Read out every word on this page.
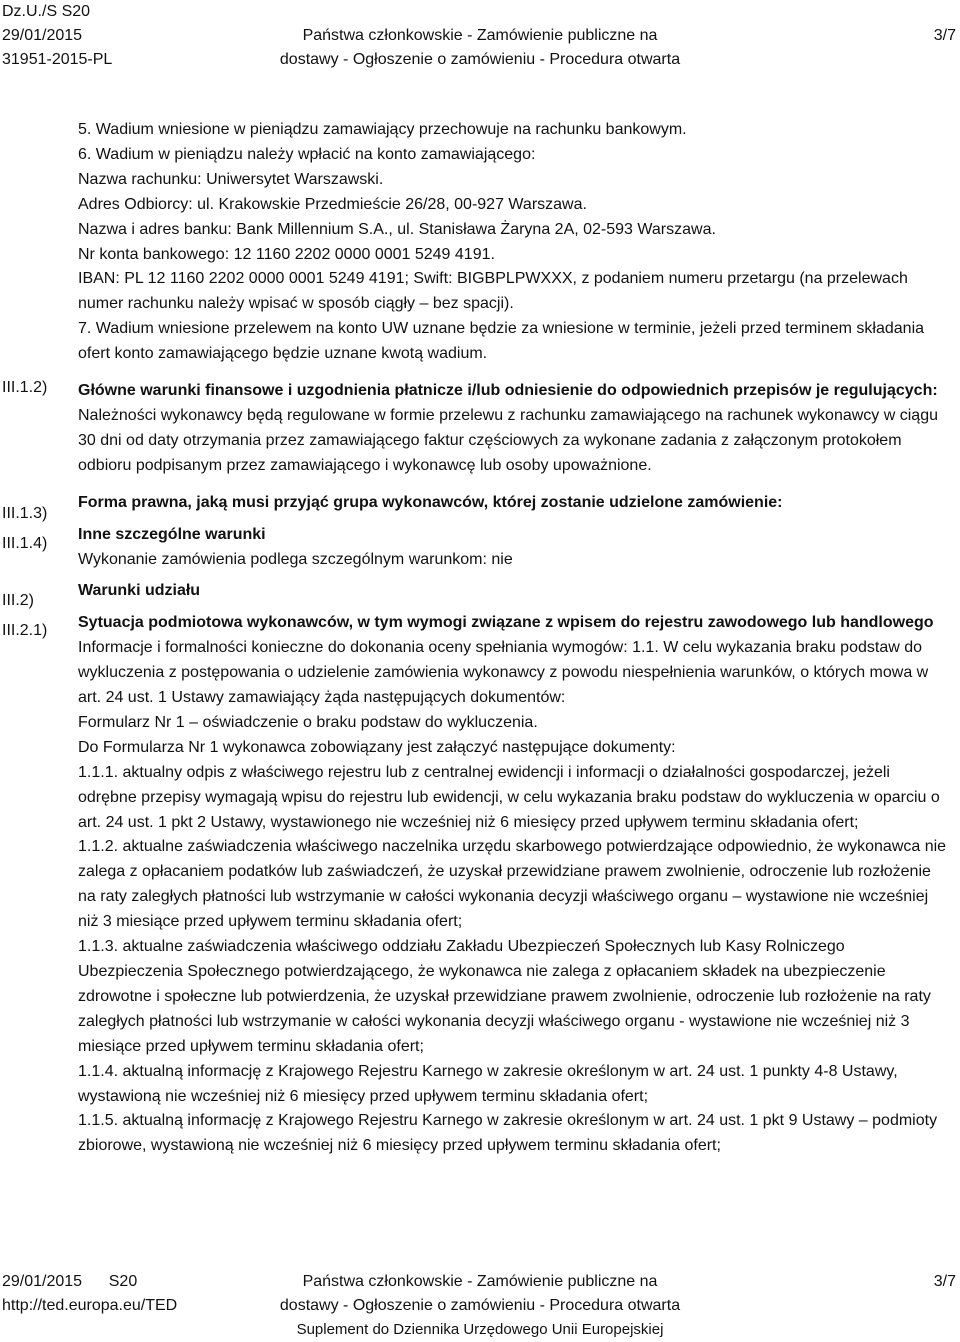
Dz.U./S S20
29/01/2015
31951-2015-PL
Państwa członkowskie - Zamówienie publiczne na
dostawy - Ogłoszenie o zamówieniu - Procedura otwarta
3/7
III.1.2)
III.1.3)
III.1.4)
III.2)
III.2.1)

5. Wadium wniesione w pieniądzu zamawiający przechowuje na rachunku bankowym.

6. Wadium w pieniądzu należy wpłacić na konto zamawiającego:

Nazwa rachunku: Uniwersytet Warszawski.

Adres Odbiorcy: ul. Krakowskie Przedmieście 26/28, 00-927 Warszawa.

Nazwa i adres banku: Bank Millennium S.A., ul. Stanisława Żaryna 2A, 02-593 Warszawa.

Nr konta bankowego: 12 1160 2202 0000 0001 5249 4191.

IBAN: PL 12 1160 2202 0000 0001 5249 4191; Swift: BIGBPLPWXXX, z podaniem numeru przetargu (na przelewach numer rachunku należy wpisać w sposób ciągły – bez spacji).

7. Wadium wniesione przelewem na konto UW uznane będzie za wniesione w terminie, jeżeli przed terminem składania ofert konto zamawiającego będzie uznane kwotą wadium.

Główne warunki finansowe i uzgodnienia płatnicze i/lub odniesienie do odpowiednich przepisów je regulujących:

Należności wykonawcy będą regulowane w formie przelewu z rachunku zamawiającego na rachunek wykonawcy w ciągu 30 dni od daty otrzymania przez zamawiającego faktur częściowych za wykonane zadania z załączonym protokołem odbioru podpisanym przez zamawiającego i wykonawcę lub osoby upoważnione.

Forma prawna, jaką musi przyjąć grupa wykonawców, której zostanie udzielone zamówienie:

Inne szczególne warunki

Wykonanie zamówienia podlega szczególnym warunkom: nie

Warunki udziału

Sytuacja podmiotowa wykonawców, w tym wymogi związane z wpisem do rejestru zawodowego lub handlowego

Informacje i formalności konieczne do dokonania oceny spełniania wymogów: 1.1. W celu wykazania braku podstaw do wykluczenia z postępowania o udzielenie zamówienia wykonawcy z powodu niespełnienia warunków, o których mowa w art. 24 ust. 1 Ustawy zamawiający żąda następujących dokumentów:

Formularz Nr 1 – oświadczenie o braku podstaw do wykluczenia.

Do Formularza Nr 1 wykonawca zobowiązany jest załączyć następujące dokumenty:

1.1.1. aktualny odpis z właściwego rejestru lub z centralnej ewidencji i informacji o działalności gospodarczej, jeżeli odrębne przepisy wymagają wpisu do rejestru lub ewidencji, w celu wykazania braku podstaw do wykluczenia w oparciu o art. 24 ust. 1 pkt 2 Ustawy, wystawionego nie wcześniej niż 6 miesięcy przed upływem terminu składania ofert;

1.1.2. aktualne zaświadczenia właściwego naczelnika urzędu skarbowego potwierdzające odpowiednio, że wykonawca nie zalega z opłacaniem podatków lub zaświadczeń, że uzyskał przewidziane prawem zwolnienie, odroczenie lub rozłożenie na raty zaległych płatności lub wstrzymanie w całości wykonania decyzji właściwego organu – wystawione nie wcześniej niż 3 miesiące przed upływem terminu składania ofert;

1.1.3. aktualne zaświadczenia właściwego oddziału Zakładu Ubezpieczeń Społecznych lub Kasy Rolniczego Ubezpieczenia Społecznego potwierdzającego, że wykonawca nie zalega z opłacaniem składek na ubezpieczenie zdrowotne i społeczne lub potwierdzenia, że uzyskał przewidziane prawem zwolnienie, odroczenie lub rozłożenie na raty zaległych płatności lub wstrzymanie w całości wykonania decyzji właściwego organu - wystawione nie wcześniej niż 3 miesiące przed upływem terminu składania ofert;

1.1.4. aktualną informację z Krajowego Rejestru Karnego w zakresie określonym w art. 24 ust. 1 punkty 4-8 Ustawy, wystawioną nie wcześniej niż 6 miesięcy przed upływem terminu składania ofert;

1.1.5. aktualną informację z Krajowego Rejestru Karnego w zakresie określonym w art. 24 ust. 1 pkt 9 Ustawy – podmioty zbiorowe, wystawioną nie wcześniej niż 6 miesięcy przed upływem terminu składania ofert;

29/01/2015      S20
http://ted.europa.eu/TED
Państwa członkowskie - Zamówienie publiczne na
dostawy - Ogłoszenie o zamówieniu - Procedura otwarta
Suplement do Dziennika Urzędowego Unii Europejskiej
3/7
